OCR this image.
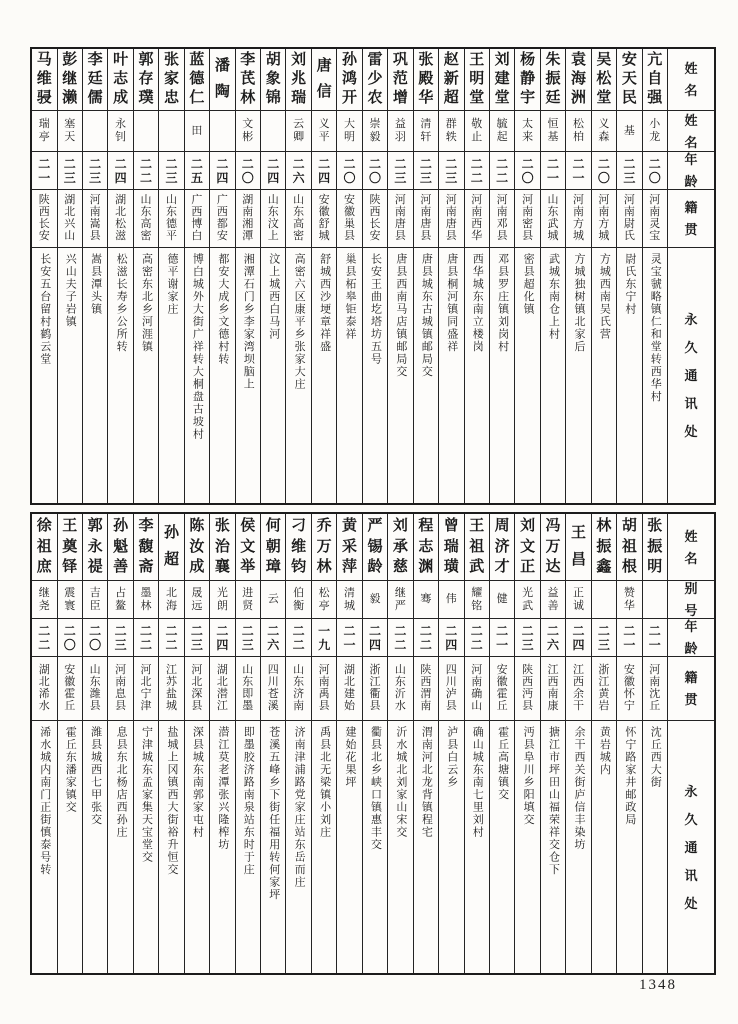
姓
名
姓
名
年
龄
籍
贯
永
久
通
讯
处
亢
自
强
小
龙
二
〇
河
南
灵
宝
灵宝虢略镇仁和堂转西华村
安
天
民
基
二
三
河
南
尉
氏
尉氏东宁村
吴
松
堂
义
森
二
〇
河
南
方
城
方城西南吴氏营
袁
海
洲
松
柏
二
一
河
南
方
城
方城独树镇北家后
朱
振
廷
恒
基
二
一
山
东
武
城
武城东南仓上村
杨
静
宇
太
来
二
〇
河
南
密
县
密县超化镇
刘
建
堂
毓
起
二
二
河
南
邓
县
邓县罗庄镇刘岗村
王
明
堂
敬
止
二
二
河
南
西
华
西华城东南立楼岗
赵
新
超
群
轶
二
三
河
南
唐
县
唐县桐河镇同盛祥
张
殿
华
清
轩
二
三
河
南
唐
县
唐县城东古城镇邮局交
巩
范
增
益
羽
二
三
河
南
唐
县
唐县西南马店镇邮局交
雷
少
农
崇
毅
二
〇
陕
西
长
安
长安王曲圪塔坊五号
孙
鸿
开
大
明
二
〇
安
徽
巢
县
巢县柘皋钜泰祥
唐
信
义
平
二
四
安
徽
舒
城
舒城西沙埂章祥盛
刘
兆
瑞
云
卿
二
六
山
东
高
密
高密六区康平乡张家大庄
胡
象
锦
二
四
山
东
汶
上
汶上城西白马河
李
芪
林
文
彬
二
〇
湖
南
湘
潭
湘潭石门乡李家湾坝脑上
潘
陶
二
四
广
西
都
安
都安大成乡文德村转
蓝
德
仁
田
二
五
广
西
博
白
博白城外大街广祥转大桐盘古坡村
张
家
忠
二
三
山
东
德
平
德平谢家庄
郭
存
璞
二
二
山
东
高
密
高密东北乡河涯镇
叶
志
成
永
钊
二
四
湖
北
松
滋
松滋长寿乡公所转
李
廷
儒
二
三
河
南
嵩
县
嵩县潭头镇
彭
继
濑
塞
天
二
三
湖
北
兴
山
兴山夫子岩镇
马
维
骎
瑞
亭
二
一
陕
西
长
安
长安五台留村鹤云堂
姓
名
别
号
年
龄
籍
贯
永
久
通
讯
处
张
振
明
二
一
河
南
沈
丘
沈丘西大街
胡
祖
根
赞
华
二
一
安
徽
怀
宁
怀宁路家井邮政局
林
振
鑫
二
三
浙
江
黄
岩
黄岩城内
王
昌
正
诚
二
四
江
西
余
干
余干西关街庐信丰染坊
冯
万
达
益
善
二
六
江
西
南
康
搪江市坪田山福荣祥交仓下
刘
文
正
光
武
二
三
陕
西
沔
县
沔县阜川乡阳填交
周
济
才
健
二
一
安
徽
霍
丘
霍丘高塘镇交
王
祖
武
耀
铭
二
二
河
南
确
山
确山城东南七里刘村
曾
瑞
璜
伟
二
四
四
川
泸
县
泸县白云乡
程
志
渊
骞
二
二
陕
西
渭
南
渭南河北龙背镇程宅
刘
承
慈
继
严
二
二
山
东
沂
水
沂水城北刘家山宋交
严
锡
龄
毅
二
四
浙
江
衢
县
衢县北乡峡口镇惠丰交
黄
采
萍
清
城
二
一
湖
北
建
始
建始花果坪
乔
万
林
松
亭
一
九
河
南
禹
县
禹县北无梁镇小刘庄
刁
维
钧
伯
衡
二
二
山
东
济
南
济南津浦路党家庄站东岳而庄
何
朝
璋
云
二
六
四
川
苍
溪
苍溪五峰乡下街任福用转何家坪
侯
文
举
进
贤
二
三
山
东
即
墨
即墨胶济路南泉站东时于庄
张
治
襄
光
朗
二
四
湖
北
潜
江
潜江莫老潭张兴隆榨坊
陈
汝
成
晟
远
二
三
河
北
深
县
深县城东南郭家屯村
孙
超
北
海
二
二
江
苏
盐
城
盐城上冈镇西大街裕升恒交
李
馥
斋
墨
林
二
二
河
北
宁
津
宁津城东孟家集天宝堂交
孙
魁
善
占
鳌
二
三
河
南
息
县
息县东北杨店西孙庄
郭
永
禔
吉
臣
二
〇
山
东
潍
县
潍县城西七甲张交
王
奠
铎
震
寰
二
〇
安
徽
霍
丘
霍丘东潘家镇交
徐
祖
庶
继
尧
二
二
湖
北
浠
水
浠水城内南门正街慎泰号转
1348
